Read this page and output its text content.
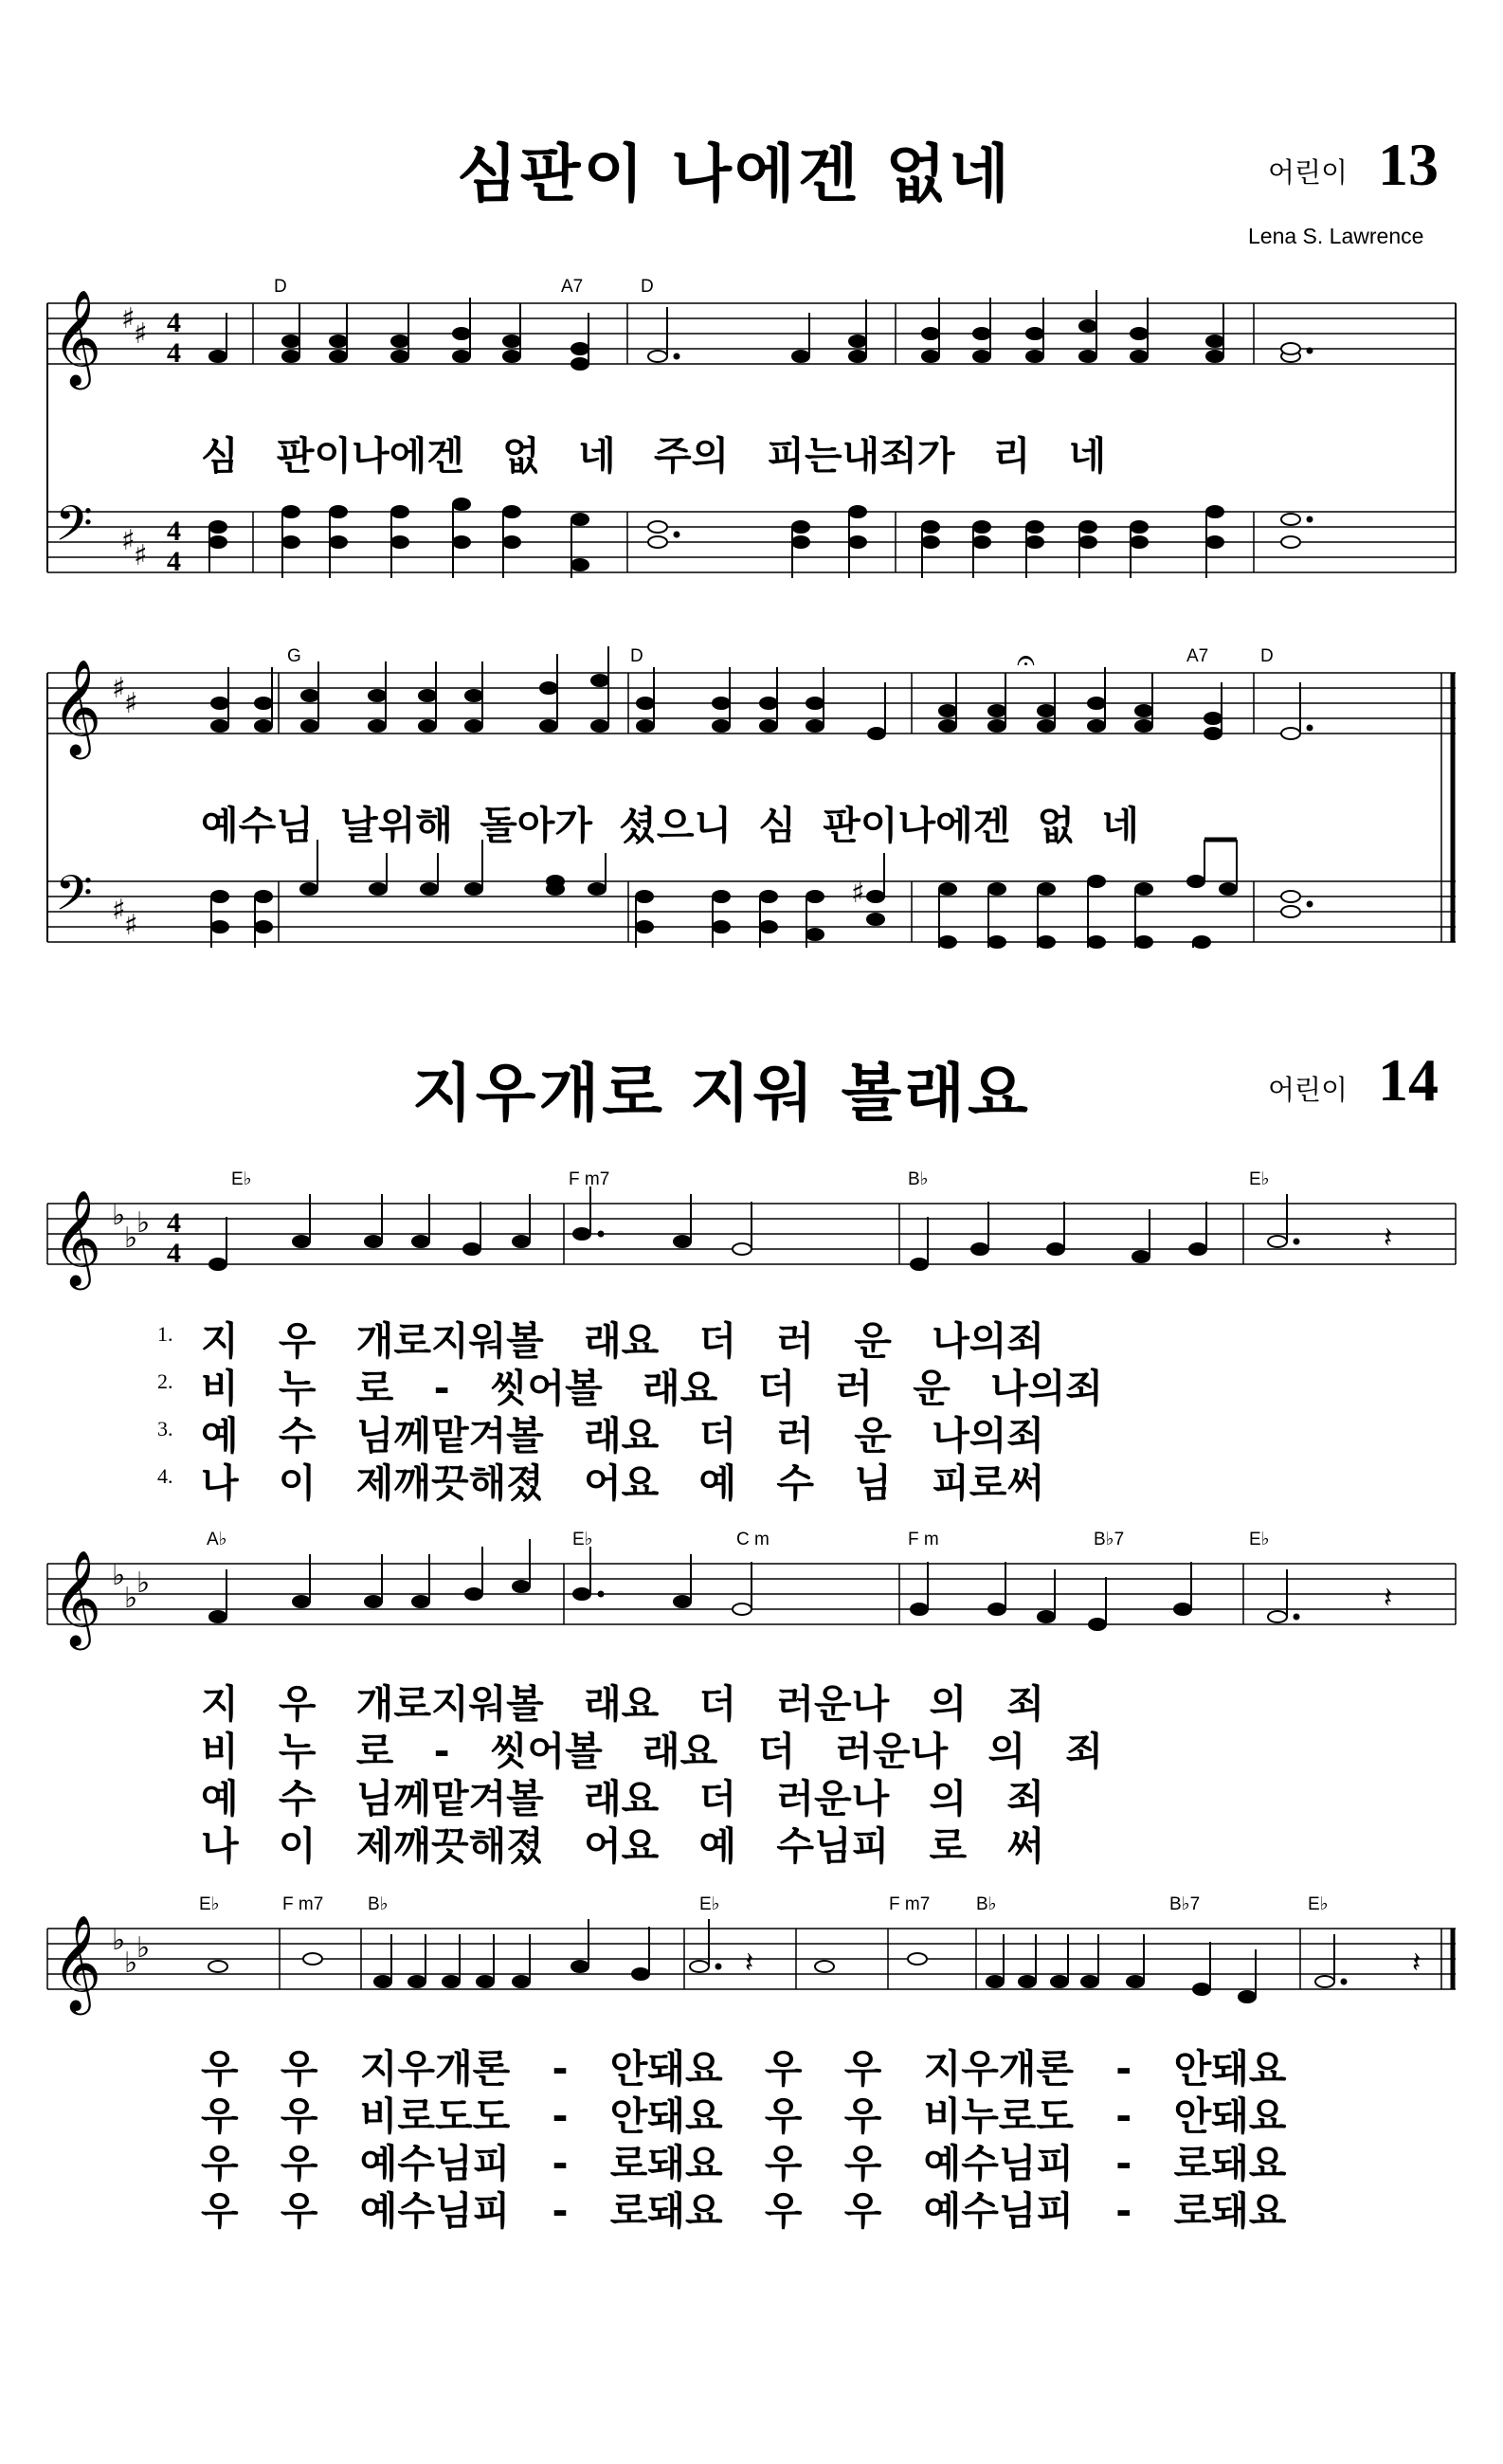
심판이 나에겐 없네	어린이 13
Lena S. Lawrence
𝄞
𝄢
♯
♯
♯
♯
4
4
4
4
D	A7	D
심 판이나에겐 없 네 주의 피는내죄가 리 네
𝄞
𝄢
♯
♯
♯
♯
G	D	A7	D
𝄐
♯
예수님 날위해 돌아가 셨으니 심 판이나에겐 없 네
지우개로 지워 볼래요	어린이 14
𝄞 ♭
♭
♭ 4
4
E♭	F m7	B♭	E♭
𝄽
1.
2.
3.
4.
지 우 개로지워볼 래요 더 러 운 나의죄
비 누 로 - 씻어볼 래요 더 러 운 나의죄
예 수 님께맡겨볼 래요 더 러 운 나의죄
나 이 제깨끗해졌 어요 예 수 님 피로써
𝄞 ♭
♭
♭
A♭	E♭	C m	F m	B♭7	E♭
𝄽
지 우 개로지워볼 래요 더 러운나 의 죄
비 누 로 - 씻어볼 래요 더 러운나 의 죄
예 수 님께맡겨볼 래요 더 러운나 의 죄
나 이 제깨끗해졌 어요 예 수님피 로 써
𝄞 ♭
♭
♭
E♭	F m7 B♭	E♭	F m7	B♭	B♭7	E♭
𝄽	𝄽
우 우 지우개론 - 안돼요 우 우 지우개론 - 안돼요
우 우 비로도도 - 안돼요 우 우 비누로도 - 안돼요
우 우 예수님피 - 로돼요 우 우 예수님피 - 로돼요
우 우 예수님피 - 로돼요 우 우 예수님피 - 로돼요
